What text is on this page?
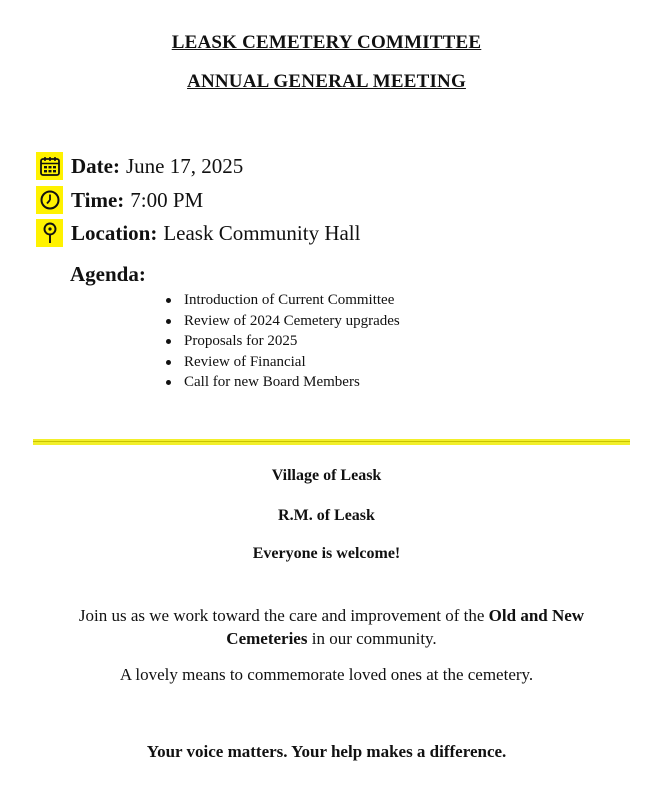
LEASK CEMETERY COMMITTEE
ANNUAL GENERAL MEETING
Date: June 17, 2025
Time: 7:00 PM
Location: Leask Community Hall
Agenda:
Introduction of Current Committee
Review of 2024 Cemetery upgrades
Proposals for 2025
Review of Financial
Call for new Board Members
Village of Leask
R.M. of Leask
Everyone is welcome!
Join us as we work toward the care and improvement of the Old and New Cemeteries in our community.
A lovely means to commemorate loved ones at the cemetery.
Your voice matters. Your help makes a difference.
